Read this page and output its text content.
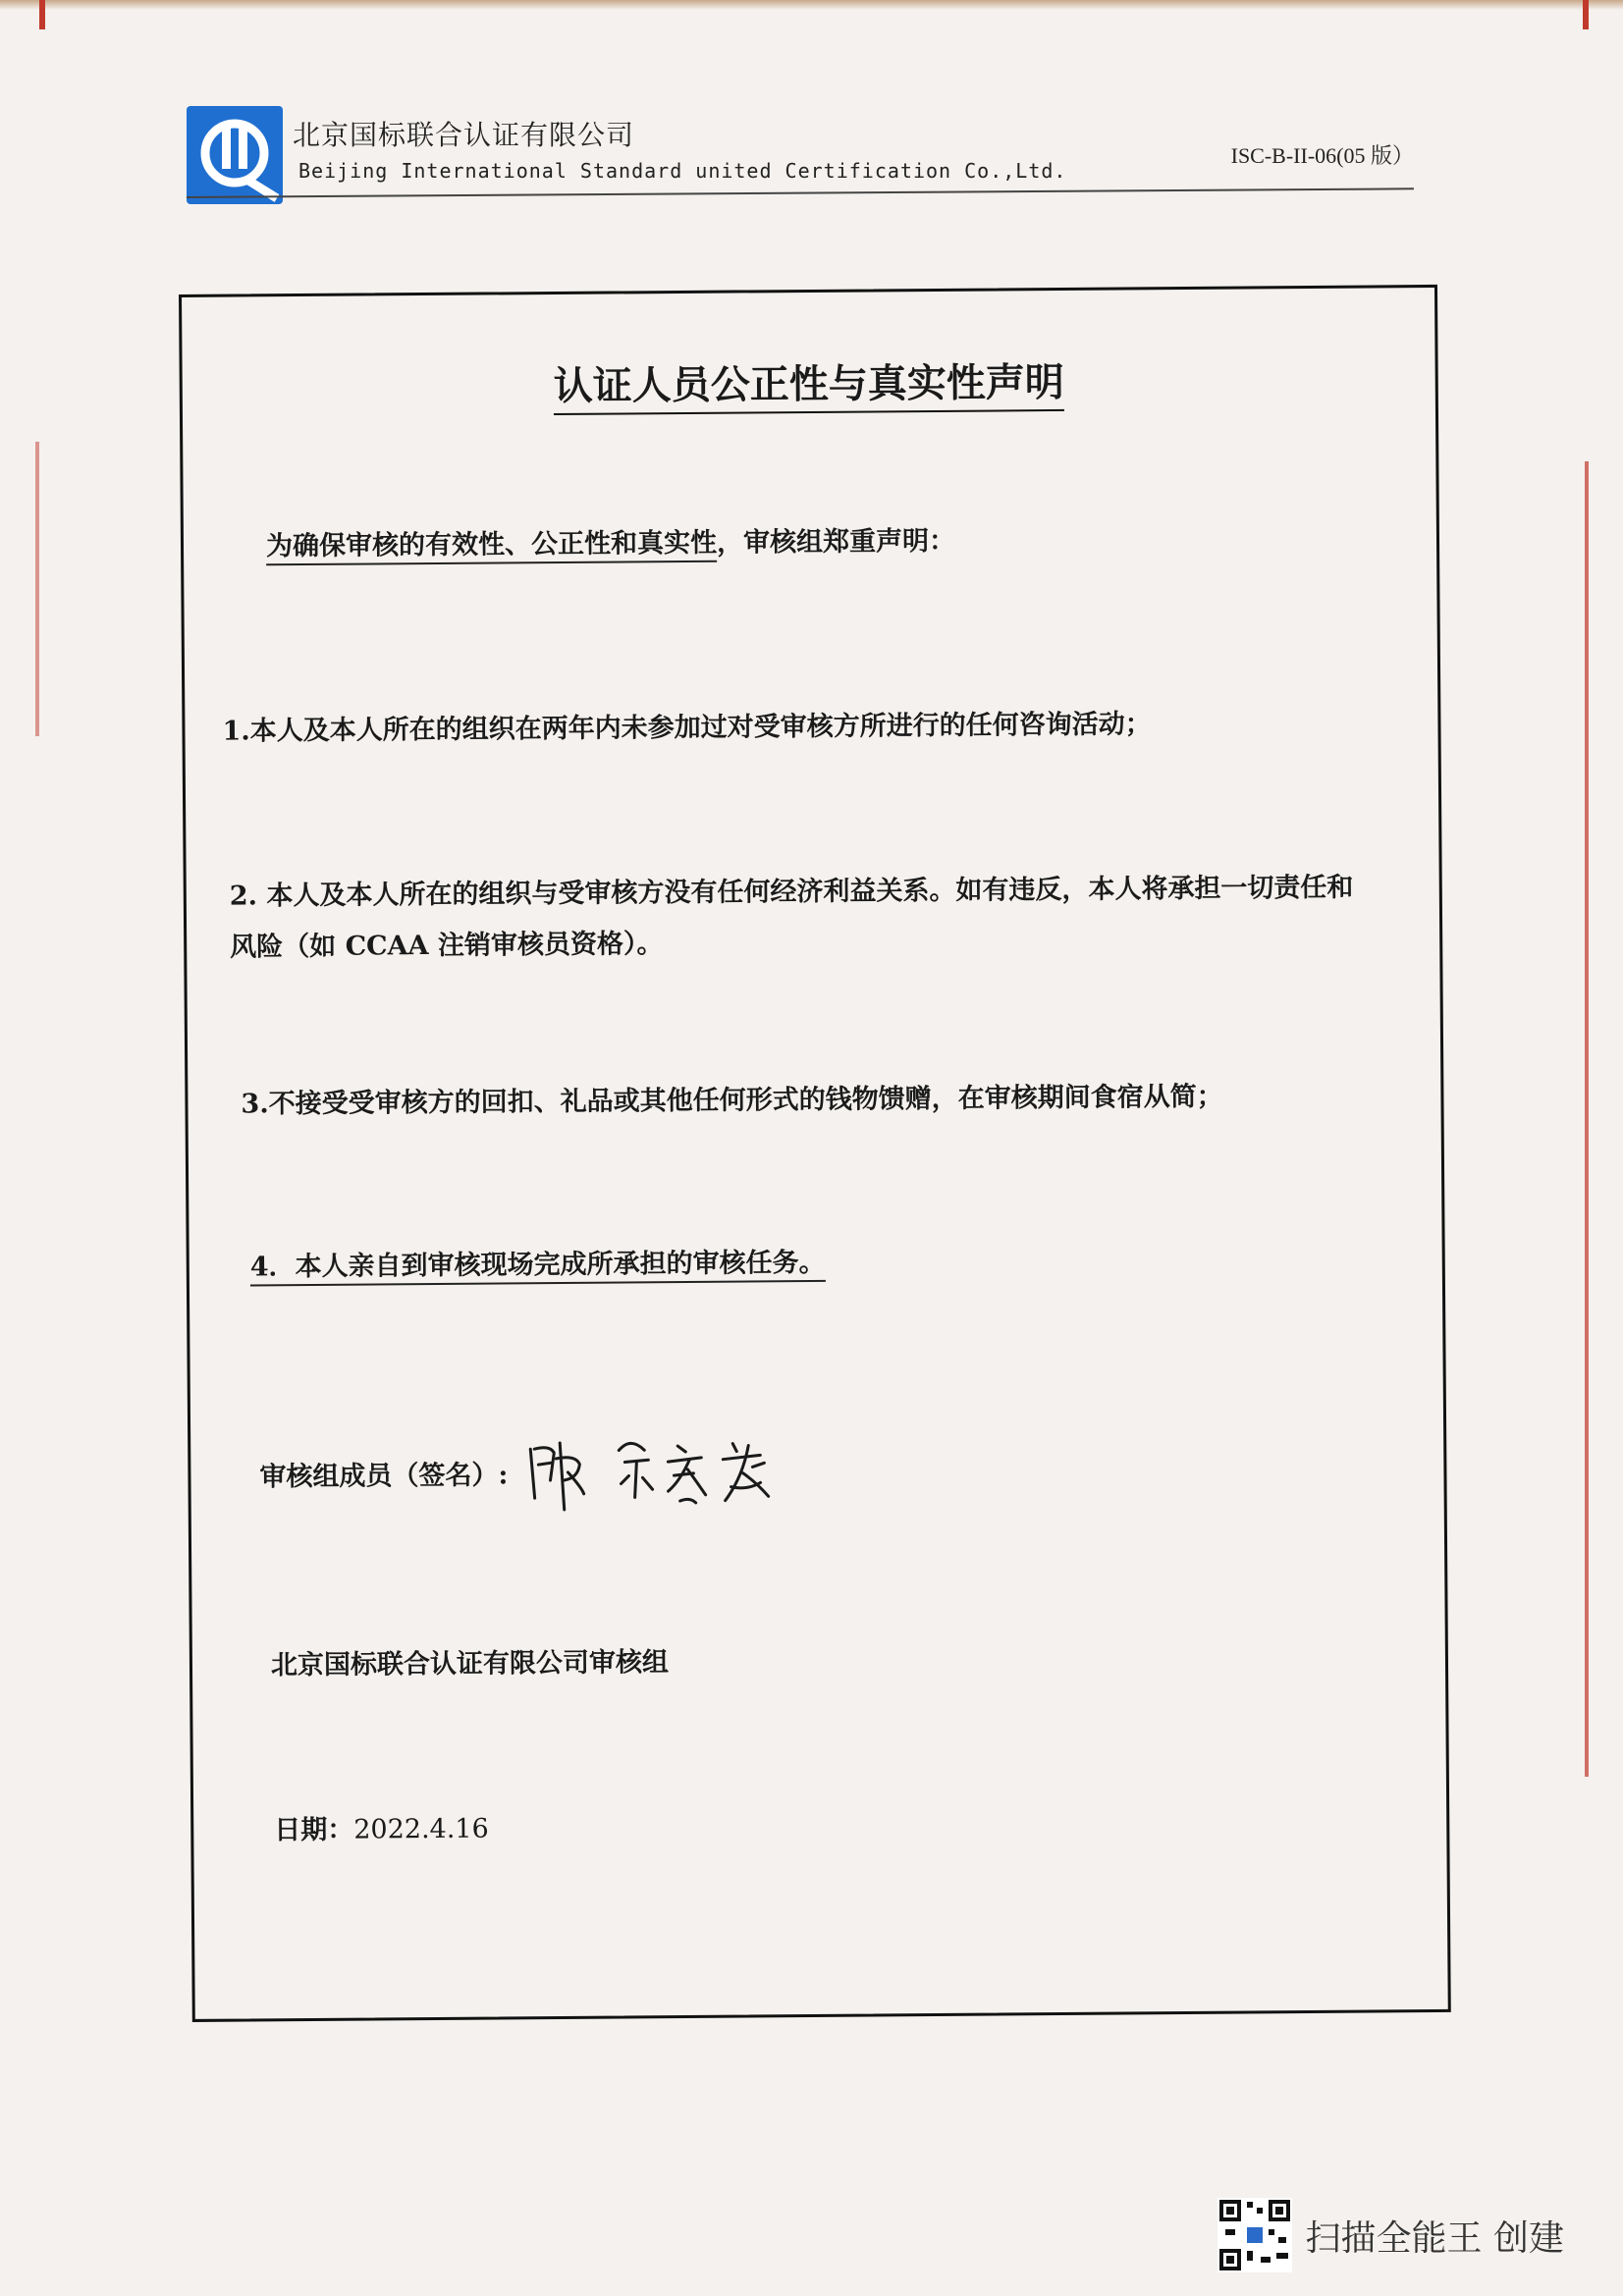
北京国标联合认证有限公司
Beijing International Standard united Certification Co.,Ltd.
ISC-B-II-06(05 版）
认证人员公正性与真实性声明
为确保审核的有效性、公正性和真实性，审核组郑重声明：
1.本人及本人所在的组织在两年内未参加过对受审核方所进行的任何咨询活动；
2. 本人及本人所在的组织与受审核方没有任何经济利益关系。如有违反，本人将承担一切责任和
风险（如 CCAA 注销审核员资格）。
3.不接受受审核方的回扣、礼品或其他任何形式的钱物馈赠，在审核期间食宿从简；
4．本人亲自到审核现场完成所承担的审核任务。
审核组成员（签名）:
北京国标联合认证有限公司审核组
日期：2022.4.16
扫描全能王 创建
